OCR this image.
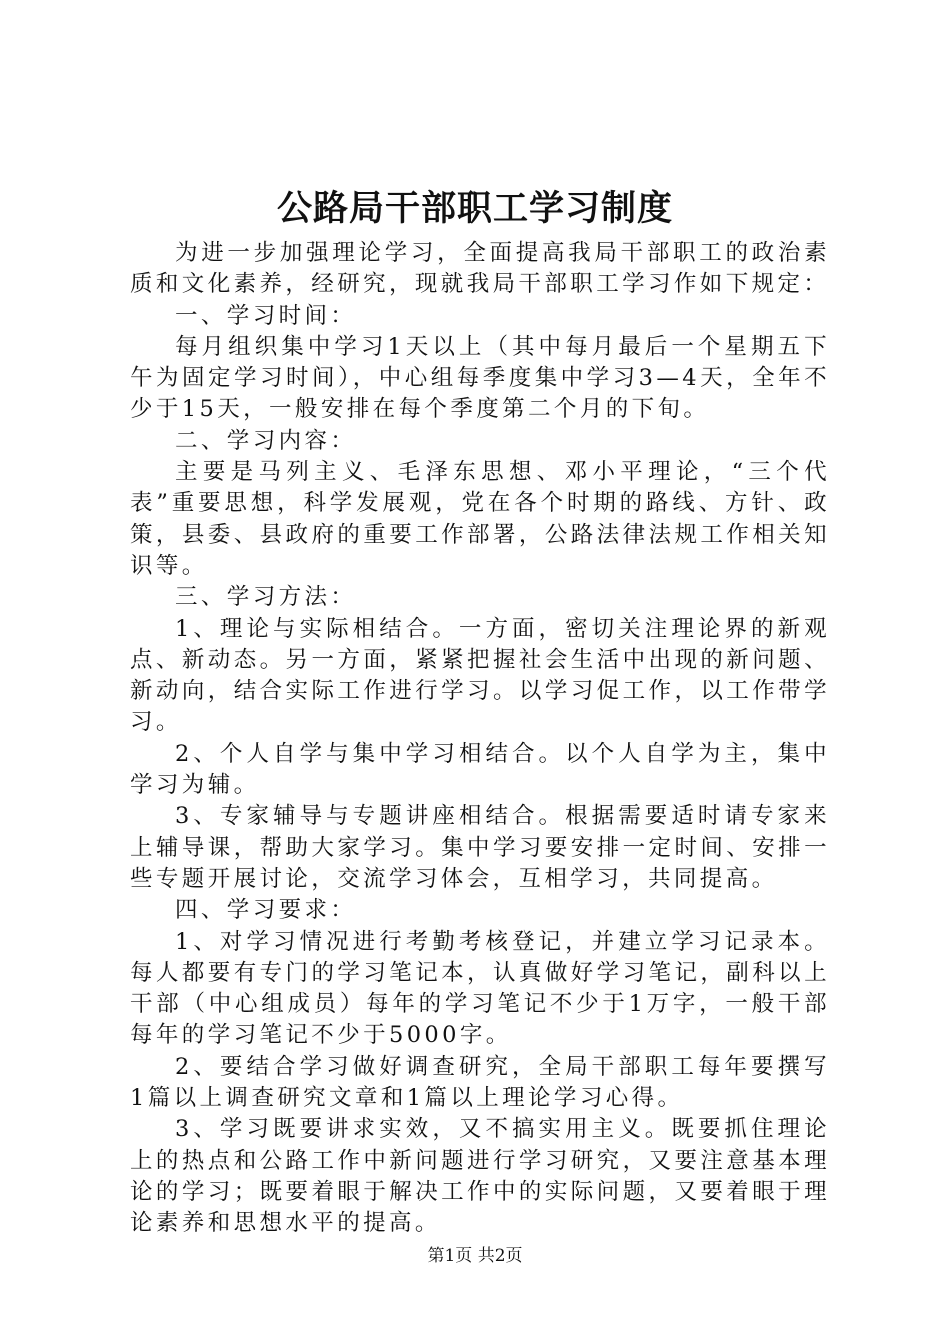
公路局干部职工学习制度

为进一步加强理论学习，全面提高我局干部职工的政治素质和文化素养，经研究，现就我局干部职工学习作如下规定：

一、学习时间：

每月组织集中学习1天以上（其中每月最后一个星期五下午为固定学习时间），中心组每季度集中学习3—4天，全年不少于15天，一般安排在每个季度第二个月的下旬。

二、学习内容：

主要是马列主义、毛泽东思想、邓小平理论，“三个代表”重要思想，科学发展观，党在各个时期的路线、方针、政策，县委、县政府的重要工作部署，公路法律法规工作相关知识等。

三、学习方法：

1、理论与实际相结合。一方面，密切关注理论界的新观点、新动态。另一方面，紧紧把握社会生活中出现的新问题、新动向，结合实际工作进行学习。以学习促工作，以工作带学习。

2、个人自学与集中学习相结合。以个人自学为主，集中学习为辅。

3、专家辅导与专题讲座相结合。根据需要适时请专家来上辅导课，帮助大家学习。集中学习要安排一定时间、安排一些专题开展讨论，交流学习体会，互相学习，共同提高。

四、学习要求：

1、对学习情况进行考勤考核登记，并建立学习记录本。每人都要有专门的学习笔记本，认真做好学习笔记，副科以上干部（中心组成员）每年的学习笔记不少于1万字，一般干部每年的学习笔记不少于5000字。

2、要结合学习做好调查研究，全局干部职工每年要撰写1篇以上调查研究文章和1篇以上理论学习心得。

3、学习既要讲求实效，又不搞实用主义。既要抓住理论上的热点和公路工作中新问题进行学习研究，又要注意基本理论的学习；既要着眼于解决工作中的实际问题，又要着眼于理论素养和思想水平的提高。

第1页 共2页
